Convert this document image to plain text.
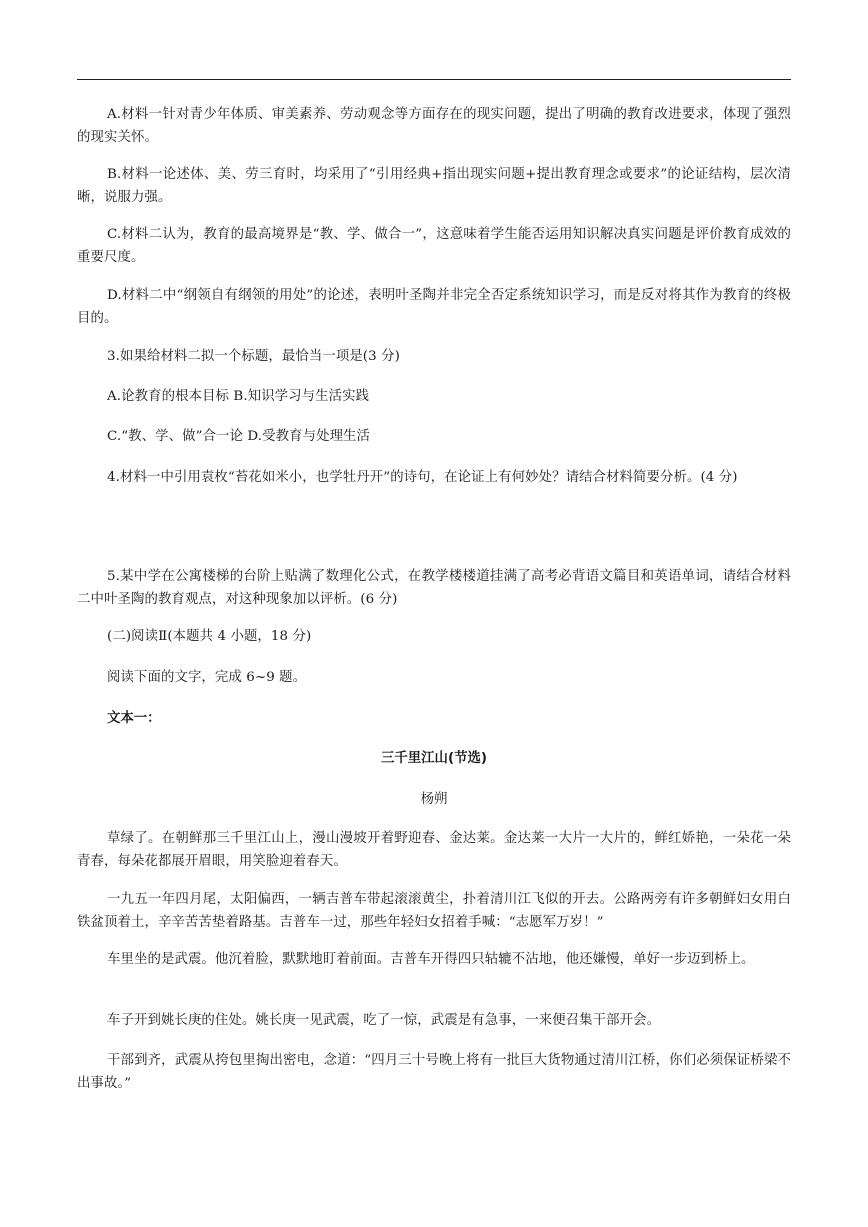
A.材料一针对青少年体质、审美素养、劳动观念等方面存在的现实问题，提出了明确的教育改进要求，体现了强烈的现实关怀。

B.材料一论述体、美、劳三育时，均采用了“引用经典+指出现实问题+提出教育理念或要求”的论证结构，层次清晰，说服力强。

C.材料二认为，教育的最高境界是“教、学、做合一”，这意味着学生能否运用知识解决真实问题是评价教育成效的重要尺度。

D.材料二中“纲领自有纲领的用处”的论述，表明叶圣陶并非完全否定系统知识学习，而是反对将其作为教育的终极目的。

3.如果给材料二拟一个标题，最恰当一项是(3 分)

A.论教育的根本目标 B.知识学习与生活实践

C.“教、学、做”合一论 D.受教育与处理生活

4.材料一中引用袁枚“苔花如米小，也学牡丹开”的诗句，在论证上有何妙处？请结合材料简要分析。(4 分)

5.某中学在公寓楼梯的台阶上贴满了数理化公式，在教学楼楼道挂满了高考必背语文篇目和英语单词，请结合材料二中叶圣陶的教育观点，对这种现象加以评析。(6 分)

(二)阅读Ⅱ(本题共 4 小题，18 分)

阅读下面的文字，完成 6~9 题。

文本一：
三千里江山(节选)
杨朔

草绿了。在朝鲜那三千里江山上，漫山漫坡开着野迎春、金达莱。金达莱一大片一大片的，鲜红娇艳，一朵花一朵青春，每朵花都展开眉眼，用笑脸迎着春天。

一九五一年四月尾，太阳偏西，一辆吉普车带起滚滚黄尘，扑着清川江飞似的开去。公路两旁有许多朝鲜妇女用白铁盆顶着土，辛辛苦苦垫着路基。吉普车一过，那些年轻妇女招着手喊：“志愿军万岁！”

车里坐的是武震。他沉着脸，默默地盯着前面。吉普车开得四只轱辘不沾地，他还嫌慢，单好一步迈到桥上。

车子开到姚长庚的住处。姚长庚一见武震，吃了一惊，武震是有急事，一来便召集干部开会。

干部到齐，武震从挎包里掏出密电，念道：“四月三十号晚上将有一批巨大货物通过清川江桥，你们必须保证桥梁不出事故。”
